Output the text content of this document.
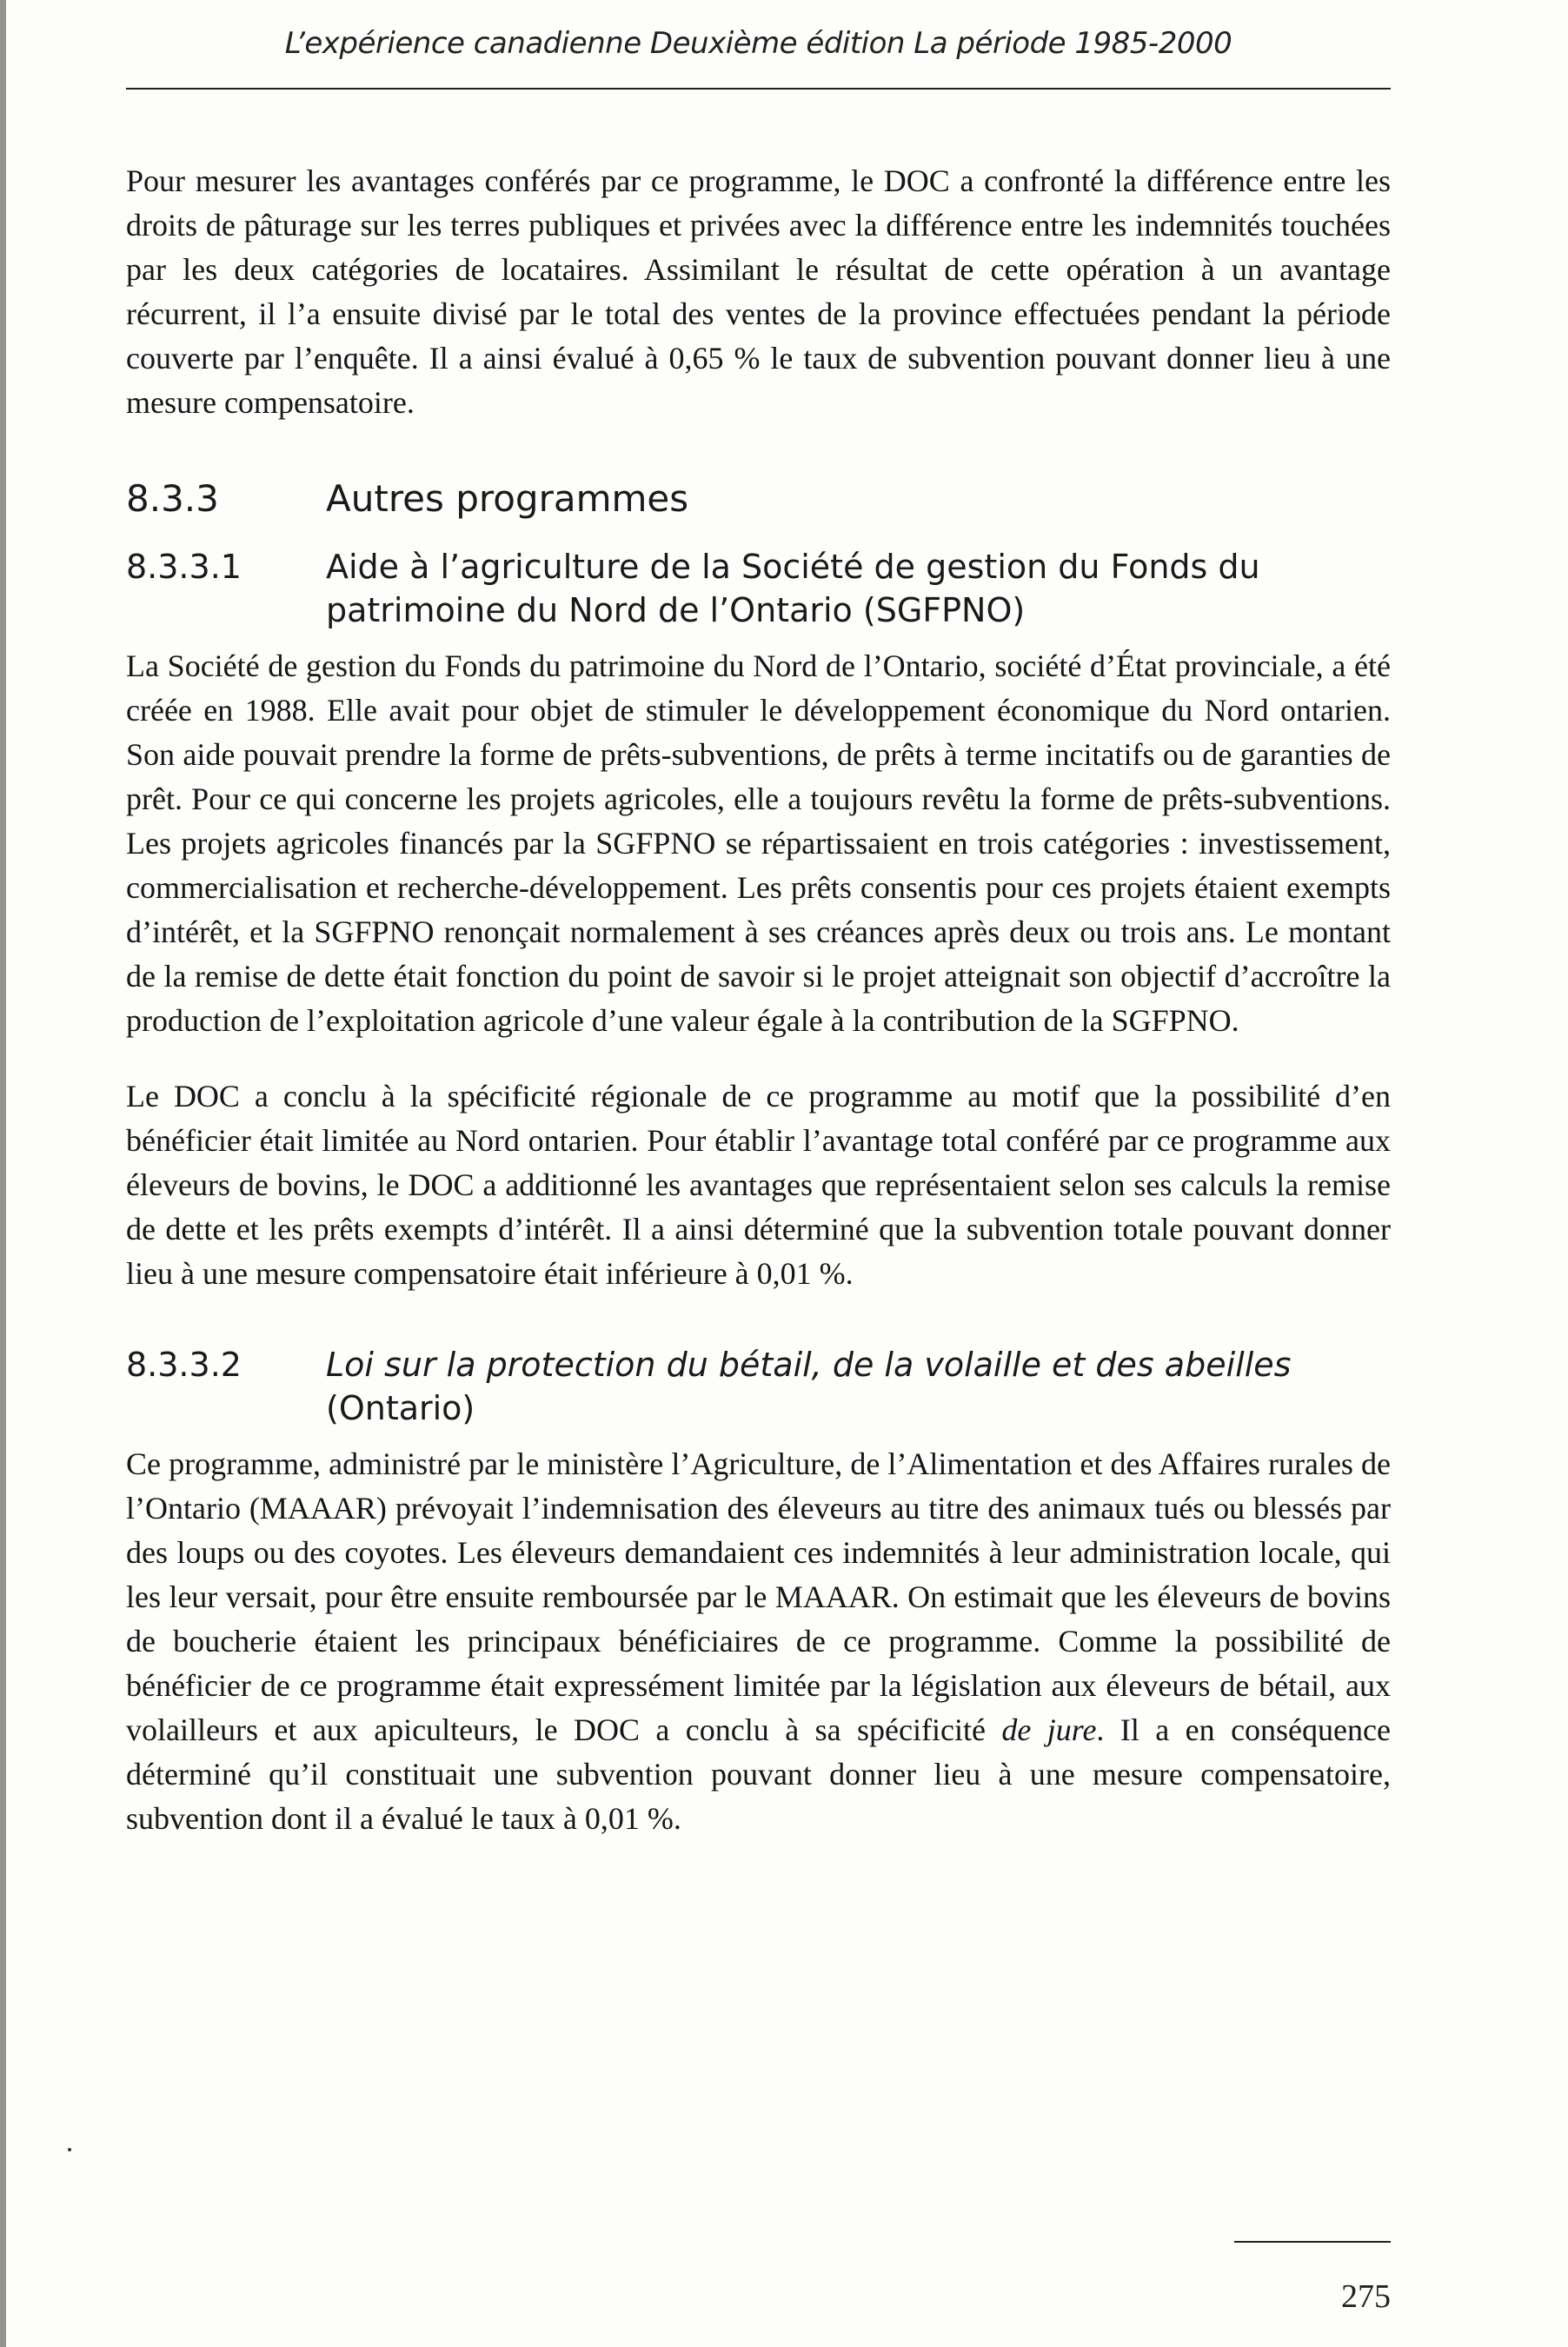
L’expérience canadienne Deuxième édition La période 1985-2000

Pour mesurer les avantages conférés par ce programme, le DOC a confronté la différence entre les droits de pâturage sur les terres publiques et privées avec la différence entre les indemnités touchées par les deux catégories de locataires. Assimilant le résultat de cette opération à un avantage récurrent, il l’a ensuite divisé par le total des ventes de la province effectuées pendant la période couverte par l’enquête. Il a ainsi évalué à 0,65 % le taux de subvention pouvant donner lieu à une mesure compensatoire.

8.3.3	Autres programmes
8.3.3.1	Aide à l’agriculture de la Société de gestion du Fonds du patrimoine du Nord de l’Ontario (SGFPNO)

La Société de gestion du Fonds du patrimoine du Nord de l’Ontario, société d’État provinciale, a été créée en 1988. Elle avait pour objet de stimuler le développement économique du Nord ontarien. Son aide pouvait prendre la forme de prêts-subventions, de prêts à terme incitatifs ou de garanties de prêt. Pour ce qui concerne les projets agricoles, elle a toujours revêtu la forme de prêts-subventions. Les projets agricoles financés par la SGFPNO se répartissaient en trois catégories : investissement, commercialisation et recherche-développement. Les prêts consentis pour ces projets étaient exempts d’intérêt, et la SGFPNO renonçait normalement à ses créances après deux ou trois ans. Le montant de la remise de dette était fonction du point de savoir si le projet atteignait son objectif d’accroître la production de l’exploitation agricole d’une valeur égale à la contribution de la SGFPNO.

Le DOC a conclu à la spécificité régionale de ce programme au motif que la possibilité d’en bénéficier était limitée au Nord ontarien. Pour établir l’avantage total conféré par ce programme aux éleveurs de bovins, le DOC a additionné les avantages que représentaient selon ses calculs la remise de dette et les prêts exempts d’intérêt. Il a ainsi déterminé que la subvention totale pouvant donner lieu à une mesure compensatoire était inférieure à 0,01 %.

8.3.3.2	Loi sur la protection du bétail, de la volaille et des abeilles (Ontario)

Ce programme, administré par le ministère l’Agriculture, de l’Alimentation et des Affaires rurales de l’Ontario (MAAAR) prévoyait l’indemnisation des éleveurs au titre des animaux tués ou blessés par des loups ou des coyotes. Les éleveurs demandaient ces indemnités à leur administration locale, qui les leur versait, pour être ensuite remboursée par le MAAAR. On estimait que les éleveurs de bovins de boucherie étaient les principaux bénéficiaires de ce programme. Comme la possibilité de bénéficier de ce programme était expressément limitée par la législation aux éleveurs de bétail, aux volailleurs et aux apiculteurs, le DOC a conclu à sa spécificité de jure. Il a en conséquence déterminé qu’il constituait une subvention pouvant donner lieu à une mesure compensatoire, subvention dont il a évalué le taux à 0,01 %.

275
